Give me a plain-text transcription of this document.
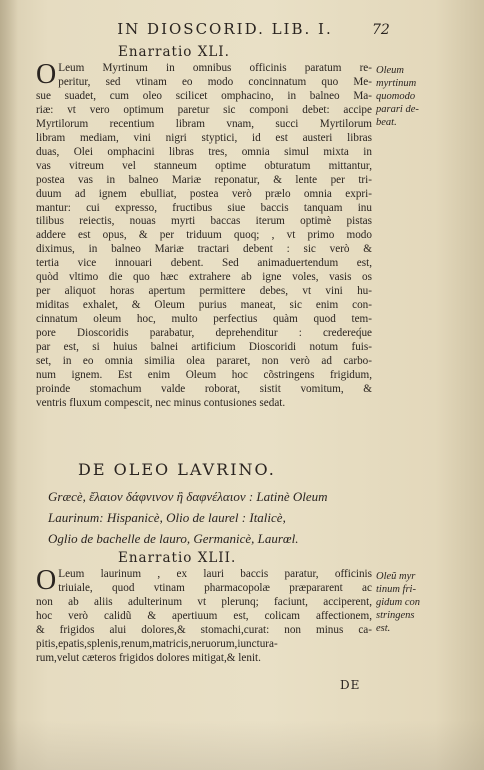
IN DIOSCORID. LIB. I.	72
Enarratio XLI.
O Leum Myrtinum in omnibus officinis paratum re-
peritur, sed vtinam eo modo concinnatum quo Me-
sue suadet, cum oleo scilicet omphacino, in balneo Ma-
riæ: vt vero optimum paretur sic componi debet: accipe
Myrtilorum recentium libram vnam, succi Myrtilorum
libram mediam, vini nigri styptici, id est austeri libras
duas, Olei omphacini libras tres, omnia simul mixta in
vas vitreum vel stanneum optime obturatum mittantur,
postea vas in balneo Mariæ reponatur, & lente per tri-
duum ad ignem ebulliat, postea verò prælo omnia expri-
mantur: cui expresso, fructibus siue baccis tanquam inu
tilibus reiectis, nouas myrti baccas iterum optimè pistas
addere est opus, & per triduum quoq; , vt primo modo
diximus, in balneo Mariæ tractari debent : sic verò &
tertia vice innouari debent. Sed animaduertendum est,
quòd vltimo die quo hæc extrahere ab igne voles, vasis os
per aliquot horas apertum permittere debes, vt vini hu-
miditas exhalet, & Oleum purius maneat, sic enim con-
cinnatum oleum hoc, multo perfectius quàm quod tem-
pore Dioscoridis parabatur, deprehenditur : credereq́ue
par est, si huius balnei artificium Dioscoridi notum fuis-
set, in eo omnia similia olea pararet, non verò ad carbo-
num ignem. Est enim Oleum hoc cõstringens frigidum,
proinde stomachum valde roborat, sistit vomitum, &
ventris fluxum compescit, nec minus contusiones sedat.
Oleum
myrtinum
quomodo
parari de-
beat.
DE OLEO LAVRINO.
Græcè, ἔλαιον δάφνινον ἢ δαφνέλαιον : Latinè Oleum
Laurinum: Hispanicè, Olio de laurel : Italicè,
Oglio de bachelle de lauro, Germanicè, Laurœl.
Enarratio XLII.
O Leum laurinum , ex lauri baccis paratur, officinis
triuiale, quod vtinam pharmacopolæ præpararent ac
non ab aliis adulterinum vt plerunq; faciunt, acciperent,
hoc verò calidũ & apertiuum est, colicam affectionem,
& frigidos alui dolores,& stomachi,curat: non minus ca-
pitis,epatis,splenis,renum,matricis,neruorum,iunctura-
rum,velut cæteros frigidos dolores mitigat,& lenit.
Oleũ myr
tinum fri-
gidum con
stringens
est.
DE
